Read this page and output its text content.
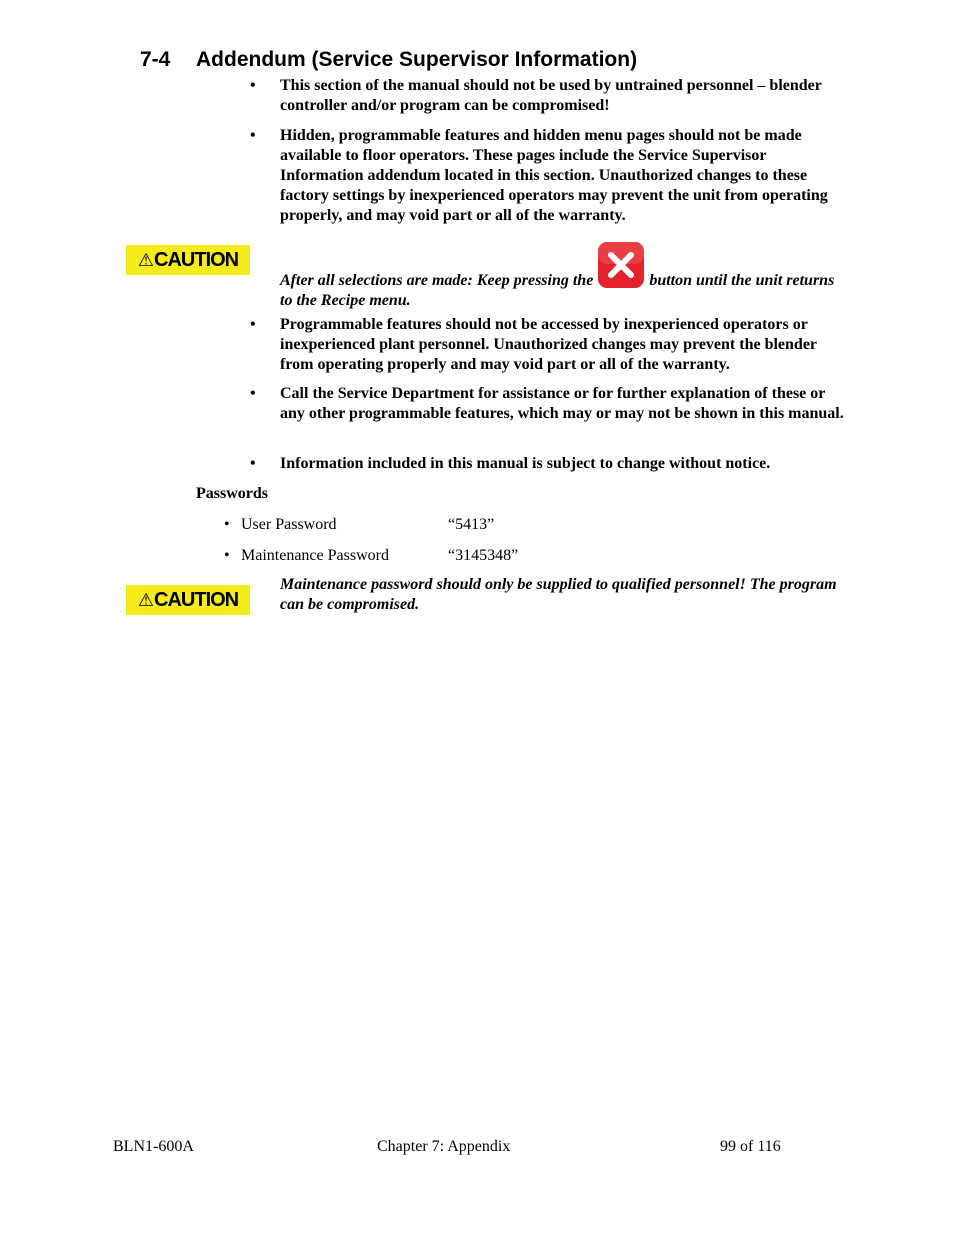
7-4 Addendum (Service Supervisor Information)
•	This section of the manual should not be used by untrained personnel – blender controller and/or program can be compromised!
•	Hidden, programmable features and hidden menu pages should not be made available to floor operators. These pages include the Service Supervisor Information addendum located in this section. Unauthorized changes to these factory settings by inexperienced operators may prevent the unit from operating properly, and may void part or all of the warranty.
⚠CAUTION
After all selections are made: Keep pressing the	button until the unit returns to the Recipe menu.
•	Programmable features should not be accessed by inexperienced operators or inexperienced plant personnel. Unauthorized changes may prevent the blender from operating properly and may void part or all of the warranty.
•	Call the Service Department for assistance or for further explanation of these or any other programmable features, which may or may not be shown in this manual.
•	Information included in this manual is subject to change without notice.
Passwords
• User Password	“5413”
• Maintenance Password	“3145348”
⚠CAUTION
Maintenance password should only be supplied to qualified personnel! The program can be compromised.
BLN1-600A	Chapter 7: Appendix	99 of 116
